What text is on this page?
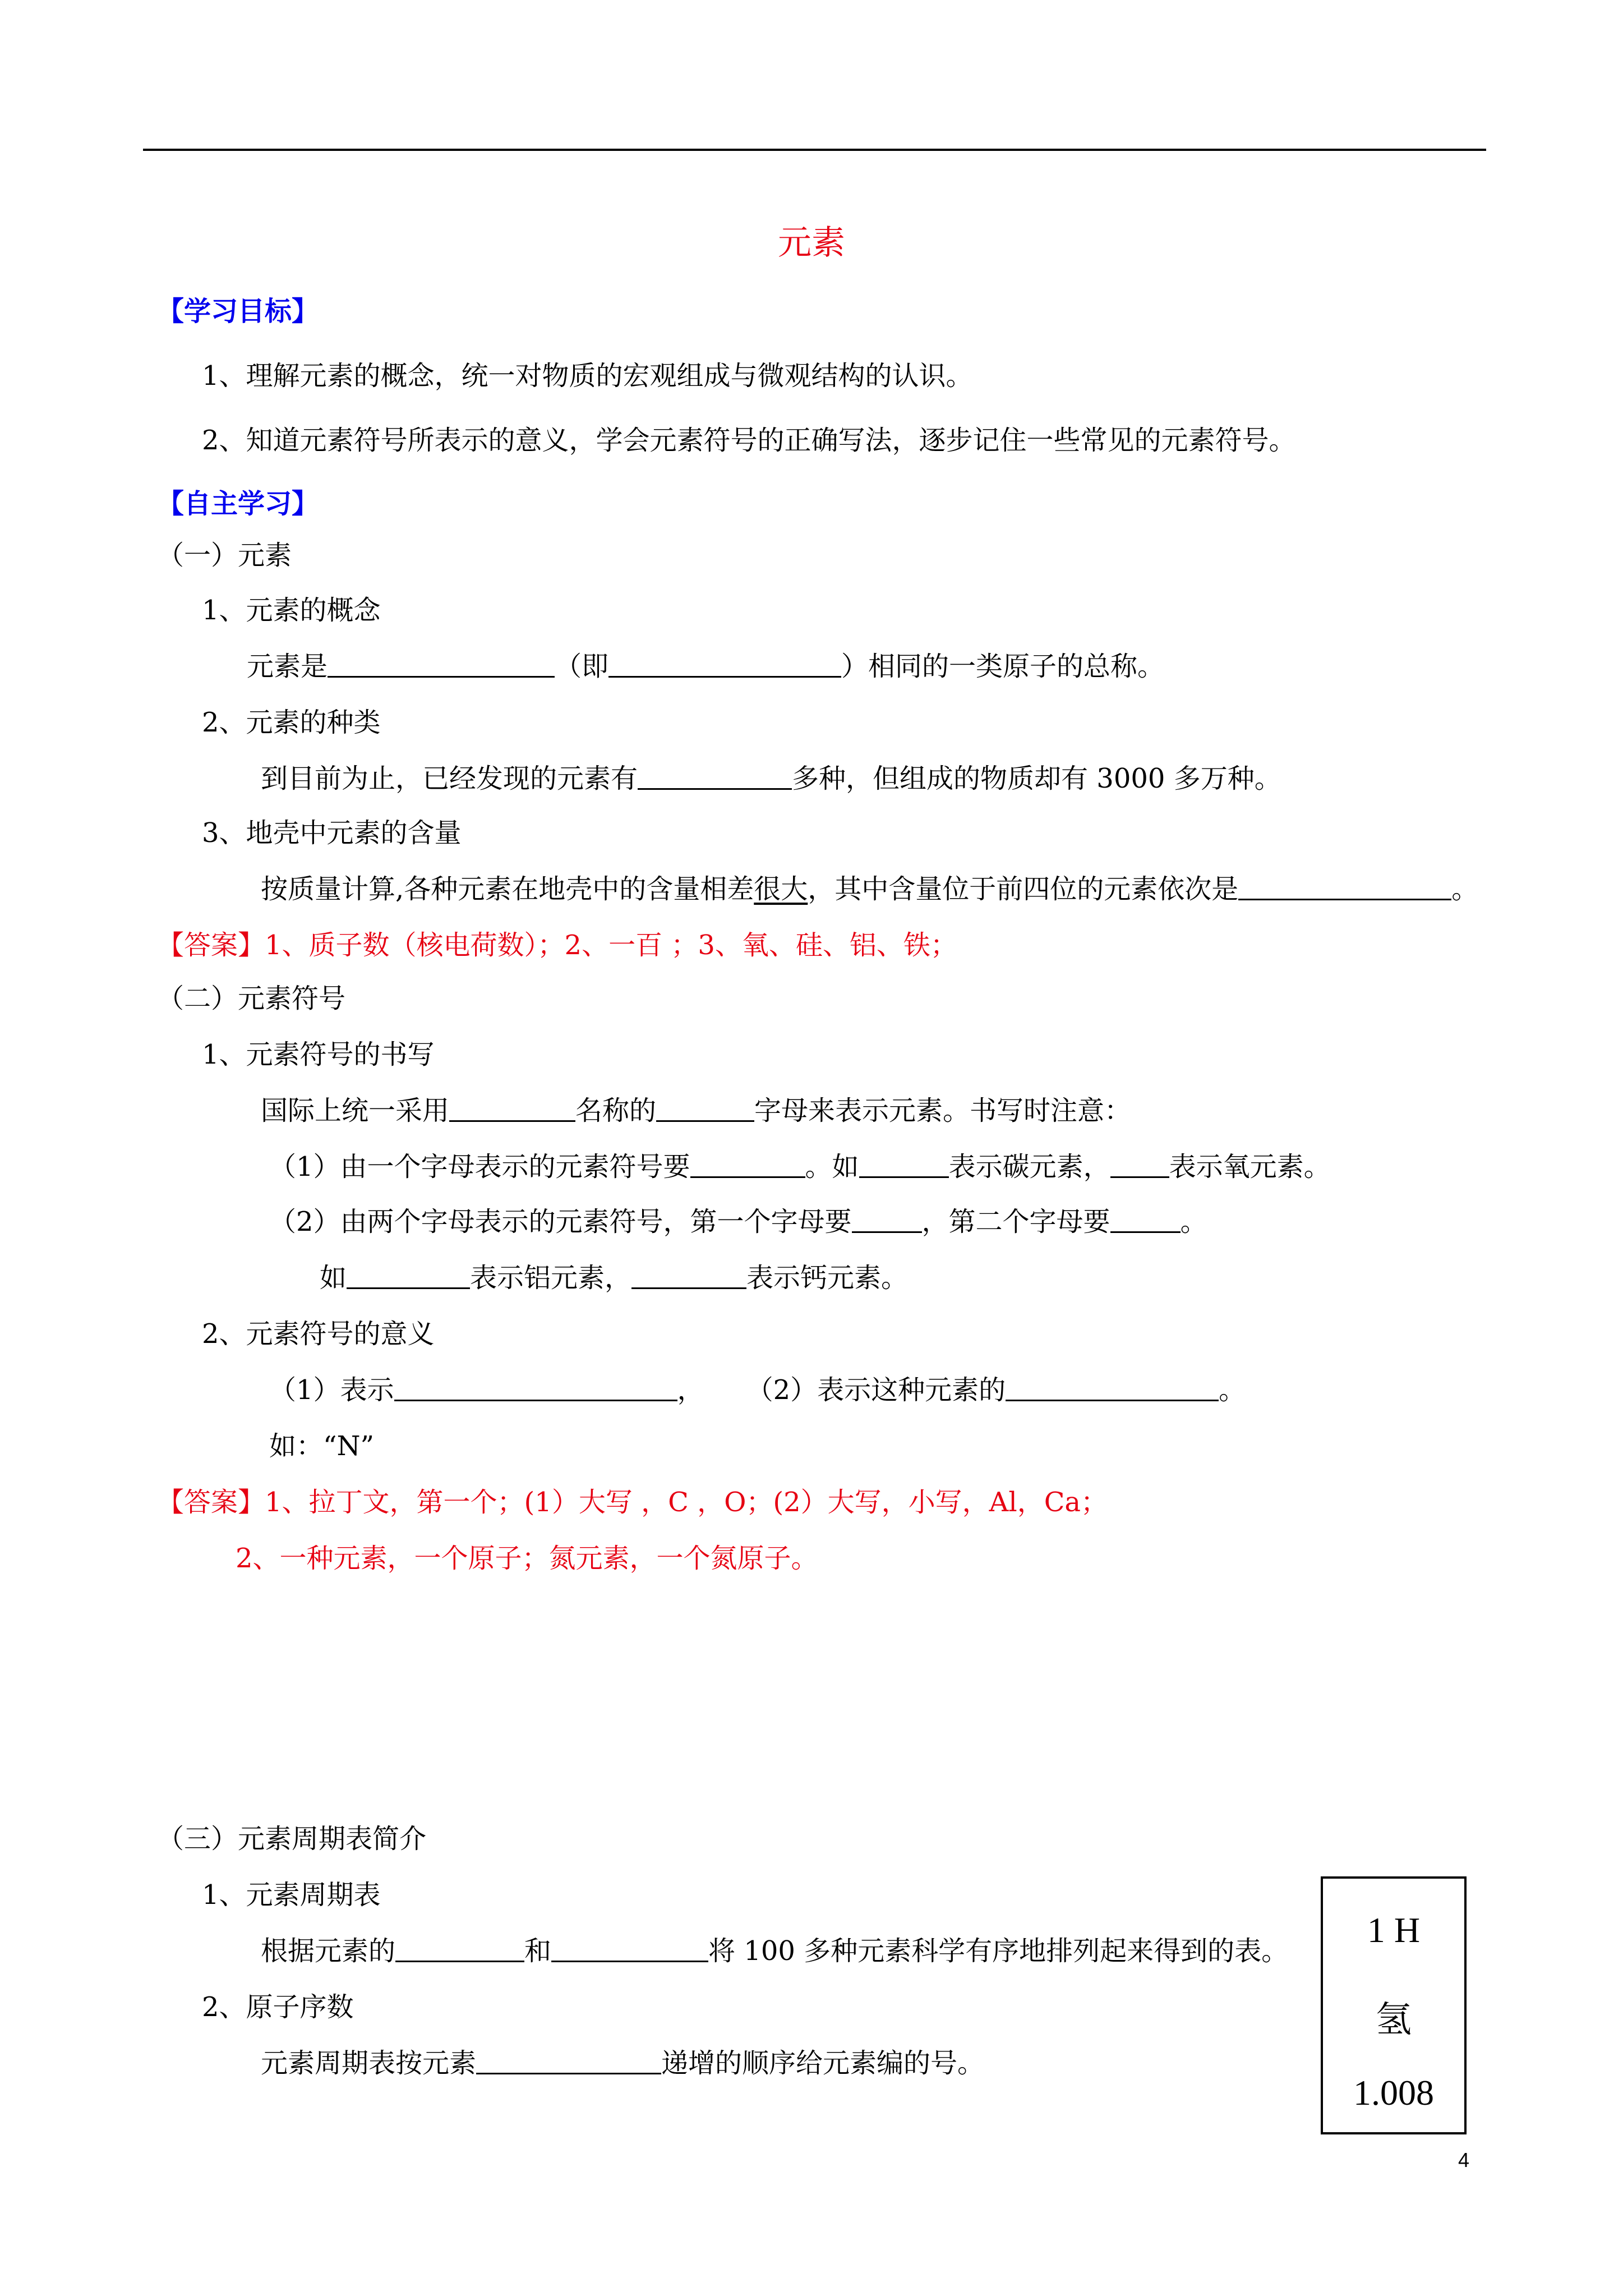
元素
【学习目标】
1、理解元素的概念，统一对物质的宏观组成与微观结构的认识。
2、知道元素符号所表示的意义，学会元素符号的正确写法，逐步记住一些常见的元素符号。
【自主学习】
（一）元素
1、元素的概念
元素是	（即	）相同的一类原子的总称。
2、元素的种类
到目前为止，已经发现的元素有	多种，但组成的物质却有 3000 多万种。
3、地壳中元素的含量
按质量计算,各种元素在地壳中的含量相差很大，其中含量位于前四位的元素依次是	。
【答案】1、质子数（核电荷数）；2、一百 ；3、氧、硅、铝、铁；
（二）元素符号
1、元素符号的书写
国际上统一采用	名称的	字母来表示元素。书写时注意：
（1）由一个字母表示的元素符号要	。如	表示碳元素， 表示氧元素。
（2）由两个字母表示的元素符号，第一个字母要	，第二个字母要	。
如	表示铝元素，	表示钙元素。
2、元素符号的意义
（1）表示	， （2）表示这种元素的	。
如：“N”
【答案】1、拉丁文，第一个；(1）大写 ，C ，O；(2）大写，小写，Al，Ca；
2、一种元素，一个原子；氮元素，一个氮原子。
（三）元素周期表简介
1、元素周期表
根据元素的	和	将 100 多种元素科学有序地排列起来得到的表。
2、原子序数
元素周期表按元素	递增的顺序给元素编的号。
1 H
氢
1.008
4
